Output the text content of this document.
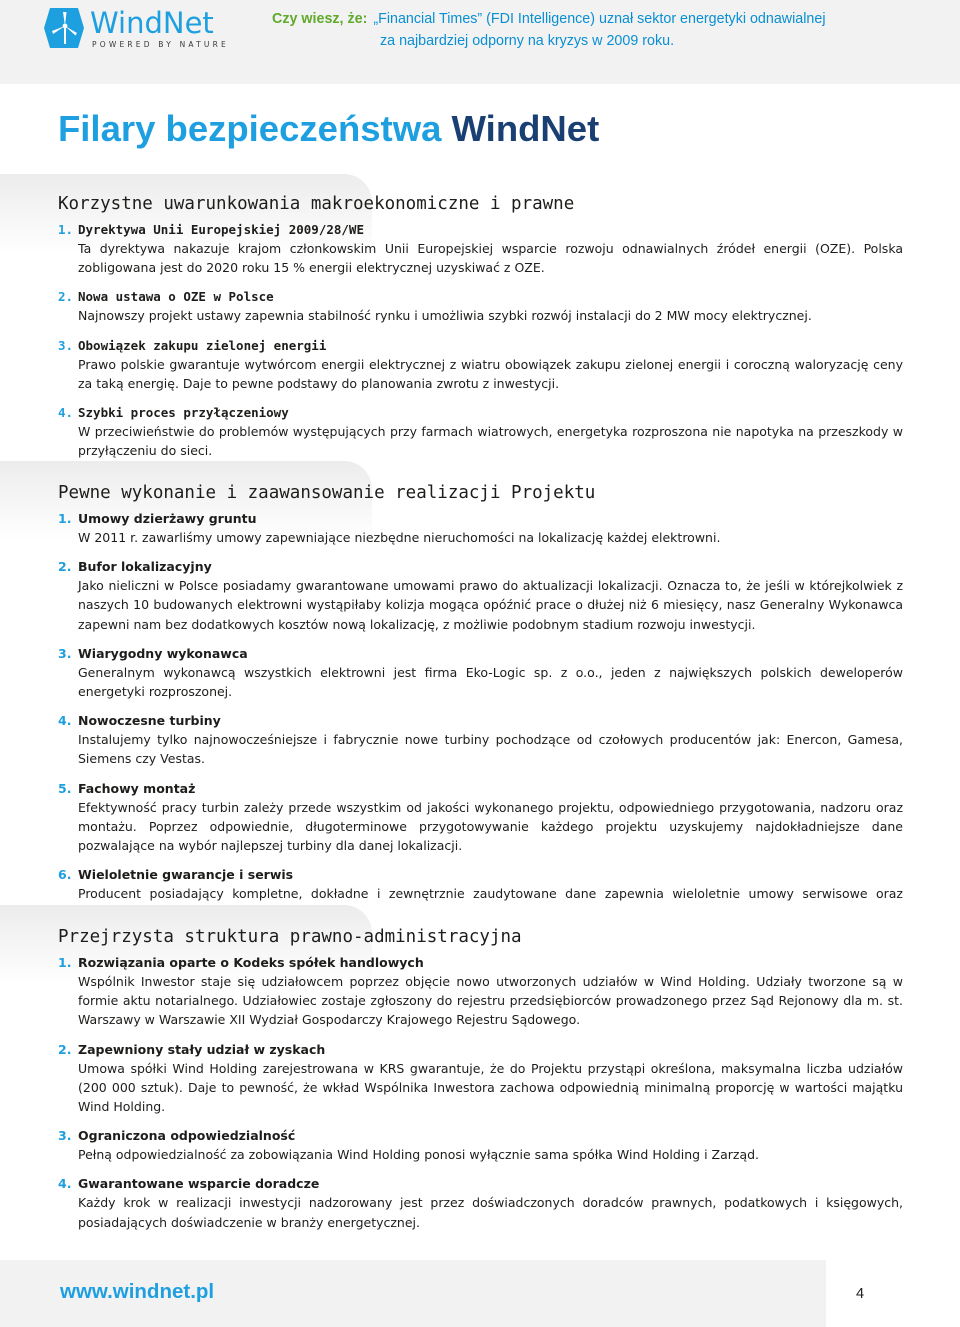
WindNet
POWERED BY NATURE
Czy wiesz, że: „Financial Times” (FDI Intelligence) uznał sektor energetyki odnawialnej
za najbardziej odporny na kryzys w 2009 roku.
Filary bezpieczeństwa WindNet
Korzystne uwarunkowania makroekonomiczne i prawne
1. Dyrektywa Unii Europejskiej 2009/28/WE
Ta dyrektywa nakazuje krajom członkowskim Unii Europejskiej wsparcie rozwoju odnawialnych źródeł energii (OZE). Polska zobligowana jest do 2020 roku 15 % energii elektrycznej uzyskiwać z OZE.
2. Nowa ustawa o OZE w Polsce
Najnowszy projekt ustawy zapewnia stabilność rynku i umożliwia szybki rozwój instalacji do 2 MW mocy elektrycznej.
3. Obowiązek zakupu zielonej energii
Prawo polskie gwarantuje wytwórcom energii elektrycznej z wiatru obowiązek zakupu zielonej energii i coroczną waloryzację ceny za taką energię. Daje to pewne podstawy do planowania zwrotu z inwestycji.
4. Szybki proces przyłączeniowy
W przeciwieństwie do problemów występujących przy farmach wiatrowych, energetyka rozproszona nie napotyka na przeszkody w przyłączeniu do sieci.
Pewne wykonanie i zaawansowanie realizacji Projektu
1. Umowy dzierżawy gruntu
W 2011 r. zawarliśmy umowy zapewniające niezbędne nieruchomości na lokalizację każdej elektrowni.
2. Bufor lokalizacyjny
Jako nieliczni w Polsce posiadamy gwarantowane umowami prawo do aktualizacji lokalizacji. Oznacza to, że jeśli w którejkolwiek z naszych 10 budowanych elektrowni wystąpiłaby kolizja mogąca opóźnić prace o dłużej niż 6 miesięcy, nasz Generalny Wykonawca zapewni nam bez dodatkowych kosztów nową lokalizację, z możliwie podobnym stadium rozwoju inwestycji.
3. Wiarygodny wykonawca
Generalnym wykonawcą wszystkich elektrowni jest firma Eko-Logic sp. z o.o., jeden z największych polskich deweloperów energetyki rozproszonej.
4. Nowoczesne turbiny
Instalujemy tylko najnowocześniejsze i fabrycznie nowe turbiny pochodzące od czołowych producentów jak: Enercon, Gamesa, Siemens czy Vestas.
5. Fachowy montaż
Efektywność pracy turbin zależy przede wszystkim od jakości wykonanego projektu, odpowiedniego przygotowania, nadzoru oraz montażu. Poprzez odpowiednie, długoterminowe przygotowywanie każdego projektu uzyskujemy najdokładniejsze dane pozwalające na wybór najlepszej turbiny dla danej lokalizacji.
6. Wieloletnie gwarancje i serwis
Producent posiadający kompletne, dokładne i zewnętrznie zaudytowane dane zapewnia wieloletnie umowy serwisowe oraz
Przejrzysta struktura prawno-administracyjna
1. Rozwiązania oparte o Kodeks spółek handlowych
Wspólnik Inwestor staje się udziałowcem poprzez objęcie nowo utworzonych udziałów w Wind Holding. Udziały tworzone są w formie aktu notarialnego. Udziałowiec zostaje zgłoszony do rejestru przedsiębiorców prowadzonego przez Sąd Rejonowy dla m. st. Warszawy w Warszawie XII Wydział Gospodarczy Krajowego Rejestru Sądowego.
2. Zapewniony stały udział w zyskach
Umowa spółki Wind Holding zarejestrowana w KRS gwarantuje, że do Projektu przystąpi określona, maksymalna liczba udziałów (200 000 sztuk). Daje to pewność, że wkład Wspólnika Inwestora zachowa odpowiednią minimalną proporcję w wartości majątku Wind Holding.
3. Ograniczona odpowiedzialność
Pełną odpowiedzialność za zobowiązania Wind Holding ponosi wyłącznie sama spółka Wind Holding i Zarząd.
4. Gwarantowane wsparcie doradcze
Każdy krok w realizacji inwestycji nadzorowany jest przez doświadczonych doradców prawnych, podatkowych i księgowych, posiadających doświadczenie w branży energetycznej.
www.windnet.pl	4
